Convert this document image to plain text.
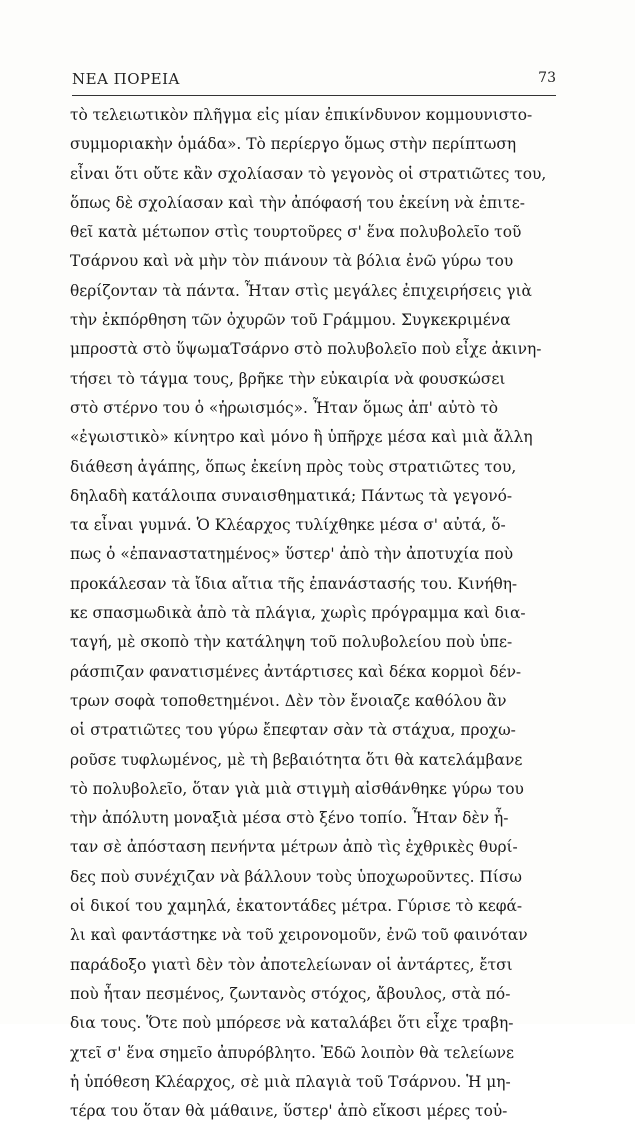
ΝΕΑ ΠΟΡΕΙΑ	73
τὸ τελειωτικὸν πλῆγμα εἰς μίαν ἐπικίνδυνον κομμουνιστο-
συμμοριακὴν ὁμάδα». Τὸ περίεργο ὅμως στὴν περίπτωση
εἶναι ὅτι οὔτε κἂν σχολίασαν τὸ γεγονὸς οἱ στρατιῶτες του,
ὅπως δὲ σχολίασαν καὶ τὴν ἀπόφασή του ἐκείνη νὰ ἐπιτε-
θεῖ κατὰ μέτωπον στὶς τουρτοῦρες σ' ἕνα πολυβολεῖο τοῦ
Τσάρνου καὶ νὰ μὴν τὸν πιάνουν τὰ βόλια ἐνῶ γύρω του
θερίζονταν τὰ πάντα. Ἦταν στὶς μεγάλες ἐπιχειρήσεις γιὰ
τὴν ἐκπόρθηση τῶν ὀχυρῶν τοῦ Γράμμου. Συγκεκριμένα
μπροστὰ στὸ ὕψωμαΤσάρνο στὸ πολυβολεῖο ποὺ εἶχε ἀκινη-
τήσει τὸ τάγμα τους, βρῆκε τὴν εὐκαιρία νὰ φουσκώσει
στὸ στέρνο του ὁ «ἡρωισμός». Ἦταν ὅμως ἀπ' αὐτὸ τὸ
«ἐγωιστικὸ» κίνητρο καὶ μόνο ἢ ὑπῆρχε μέσα καὶ μιὰ ἄλλη
διάθεση ἀγάπης, ὅπως ἐκείνη πρὸς τοὺς στρατιῶτες του,
δηλαδὴ κατάλοιπα συναισθηματικά; Πάντως τὰ γεγονό-
τα εἶναι γυμνά. Ὁ Κλέαρχος τυλίχθηκε μέσα σ' αὐτά, ὅ-
πως ὁ «ἐπαναστατημένος» ὕστερ' ἀπὸ τὴν ἀποτυχία ποὺ
προκάλεσαν τὰ ἴδια αἴτια τῆς ἐπανάστασής του. Κινήθη-
κε σπασμωδικὰ ἀπὸ τὰ πλάγια, χωρὶς πρόγραμμα καὶ δια-
ταγή, μὲ σκοπὸ τὴν κατάληψη τοῦ πολυβολείου ποὺ ὑπε-
ράσπιζαν φανατισμένες ἀντάρτισες καὶ δέκα κορμοὶ δέν-
τρων σοφὰ τοποθετημένοι. Δὲν τὸν ἔνοιαζε καθόλου ἂν
οἱ στρατιῶτες του γύρω ἔπεφταν σὰν τὰ στάχυα, προχω-
ροῦσε τυφλωμένος, μὲ τὴ βεβαιότητα ὅτι θὰ κατελάμβανε
τὸ πολυβολεῖο, ὅταν γιὰ μιὰ στιγμὴ αἰσθάνθηκε γύρω του
τὴν ἀπόλυτη μοναξιὰ μέσα στὸ ξένο τοπίο. Ἦταν δὲν ἦ-
ταν σὲ ἀπόσταση πενήντα μέτρων ἀπὸ τὶς ἐχθρικὲς θυρί-
δες ποὺ συνέχιζαν νὰ βάλλουν τοὺς ὑποχωροῦντες. Πίσω
οἱ δικοί του χαμηλά, ἑκατοντάδες μέτρα. Γύρισε τὸ κεφά-
λι καὶ φαντάστηκε νὰ τοῦ χειρονομοῦν, ἐνῶ τοῦ φαινόταν
παράδοξο γιατὶ δὲν τὸν ἀποτελείωναν οἱ ἀντάρτες, ἔτσι
ποὺ ἦταν πεσμένος, ζωντανὸς στόχος, ἄβουλος, στὰ πό-
δια τους. Ὅτε ποὺ μπόρεσε νὰ καταλάβει ὅτι εἶχε τραβη-
χτεῖ σ' ἕνα σημεῖο ἀπυρόβλητο. Ἐδῶ λοιπὸν θὰ τελείωνε
ἡ ὑπόθεση Κλέαρχος, σὲ μιὰ πλαγιὰ τοῦ Τσάρνου. Ἡ μη-
τέρα του ὅταν θὰ μάθαινε, ὕστερ' ἀπὸ εἴκοσι μέρες τοὐ-
